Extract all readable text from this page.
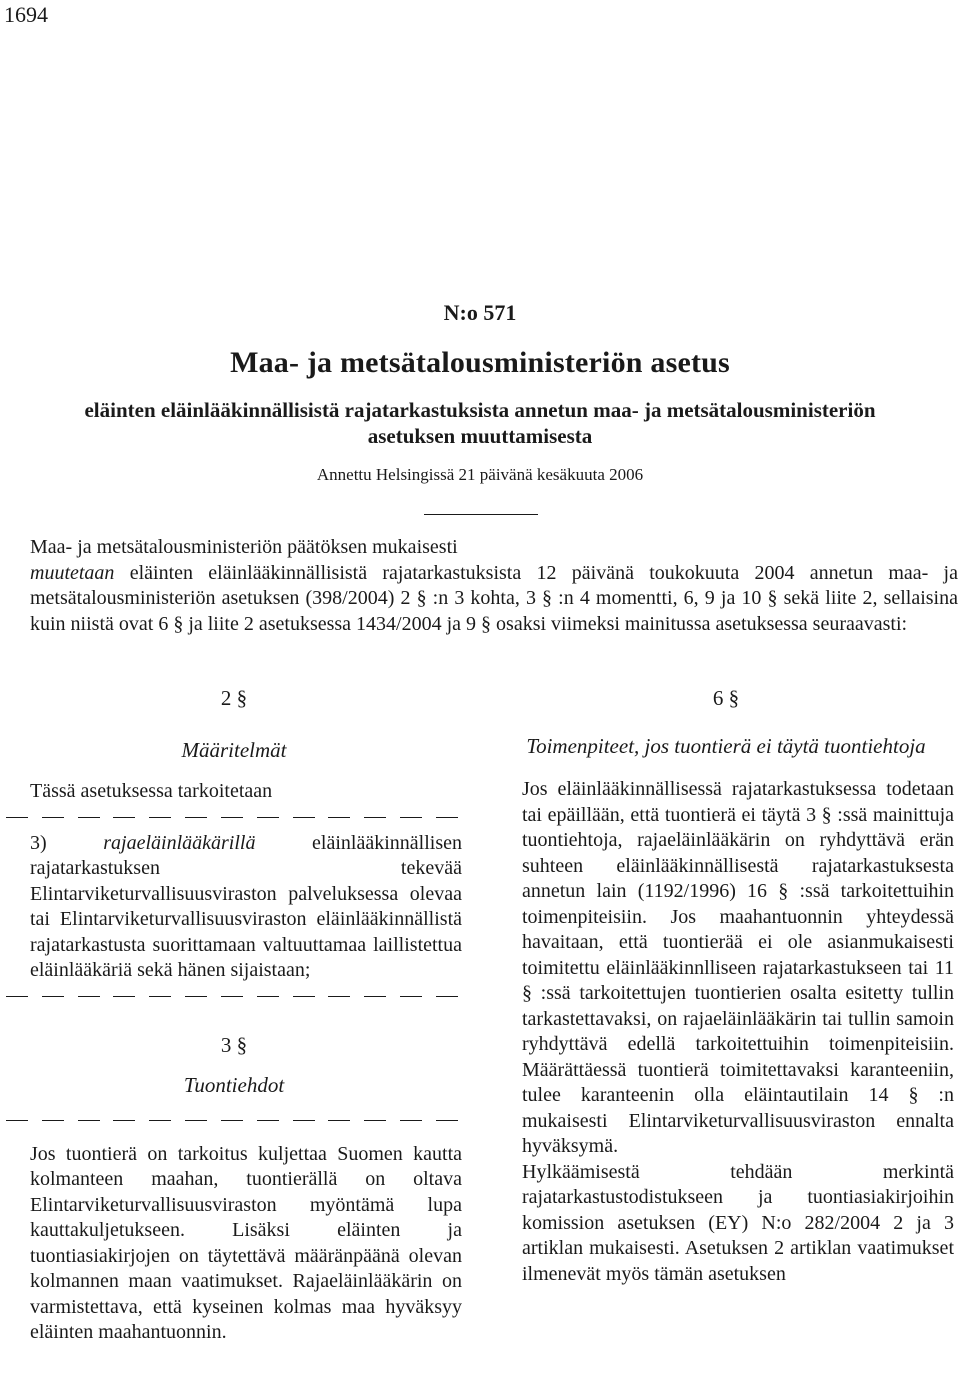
1694
N:o 571
Maa- ja metsätalousministeriön asetus
eläinten eläinlääkinnällisistä rajatarkastuksista annetun maa- ja metsätalousministeriön
asetuksen muuttamisesta
Annettu Helsingissä 21 päivänä kesäkuuta 2006

Maa- ja metsätalousministeriön päätöksen mukaisesti

muutetaan eläinten eläinlääkinnällisistä rajatarkastuksista 12 päivänä toukokuuta 2004 annetun maa- ja metsätalousministeriön asetuksen (398/2004) 2 § :n 3 kohta, 3 § :n 4 momentti, 6, 9 ja 10 § sekä liite 2, sellaisina kuin niistä ovat 6 § ja liite 2 asetuksessa 1434/2004 ja 9 § osaksi viimeksi mainitussa asetuksessa seuraavasti:

2 §
Määritelmät

Tässä asetuksessa tarkoitetaan

3) rajaeläinlääkärillä eläinlääkinnällisen rajatarkastuksen tekevää Elintarviketurvallisuusviraston palveluksessa olevaa tai Elintarviketurvallisuusviraston eläinlääkinnällistä rajatarkastusta suorittamaan valtuuttamaa laillistettua eläinlääkäriä sekä hänen sijaistaan;

3 §
Tuontiehdot

Jos tuontierä on tarkoitus kuljettaa Suomen kautta kolmanteen maahan, tuontierällä on oltava Elintarviketurvallisuusviraston myöntämä lupa kauttakuljetukseen. Lisäksi eläinten ja tuontiasiakirjojen on täytettävä määränpäänä olevan kolmannen maan vaatimukset. Rajaeläinlääkärin on varmistettava, että kyseinen kolmas maa hyväksyy eläinten maahantuonnin.

6 §
Toimenpiteet, jos tuontierä ei täytä tuontiehtoja

Jos eläinlääkinnällisessä rajatarkastuksessa todetaan tai epäillään, että tuontierä ei täytä 3 § :ssä mainittuja tuontiehtoja, rajaeläinlääkärin on ryhdyttävä erän suhteen eläinlääkinnällisestä rajatarkastuksesta annetun lain (1192/1996) 16 § :ssä tarkoitettuihin toimenpiteisiin. Jos maahantuonnin yhteydessä havaitaan, että tuontierää ei ole asianmukaisesti toimitettu eläinlääkinnlliseen rajatarkastukseen tai 11 § :ssä tarkoitettujen tuontierien osalta esitetty tullin tarkastettavaksi, on rajaeläinlääkärin tai tullin samoin ryhdyttävä edellä tarkoitettuihin toimenpiteisiin. Määrättäessä tuontierä toimitettavaksi karanteeniin, tulee karanteenin olla eläintautilain 14 § :n mukaisesti Elintarviketurvallisuusviraston ennalta hyväksymä.

Hylkäämisestä tehdään merkintä rajatarkastustodistukseen ja tuontiasiakirjoihin komission asetuksen (EY) N:o 282/2004 2 ja 3 artiklan mukaisesti. Asetuksen 2 artiklan vaatimukset ilmenevät myös tämän asetuksen
